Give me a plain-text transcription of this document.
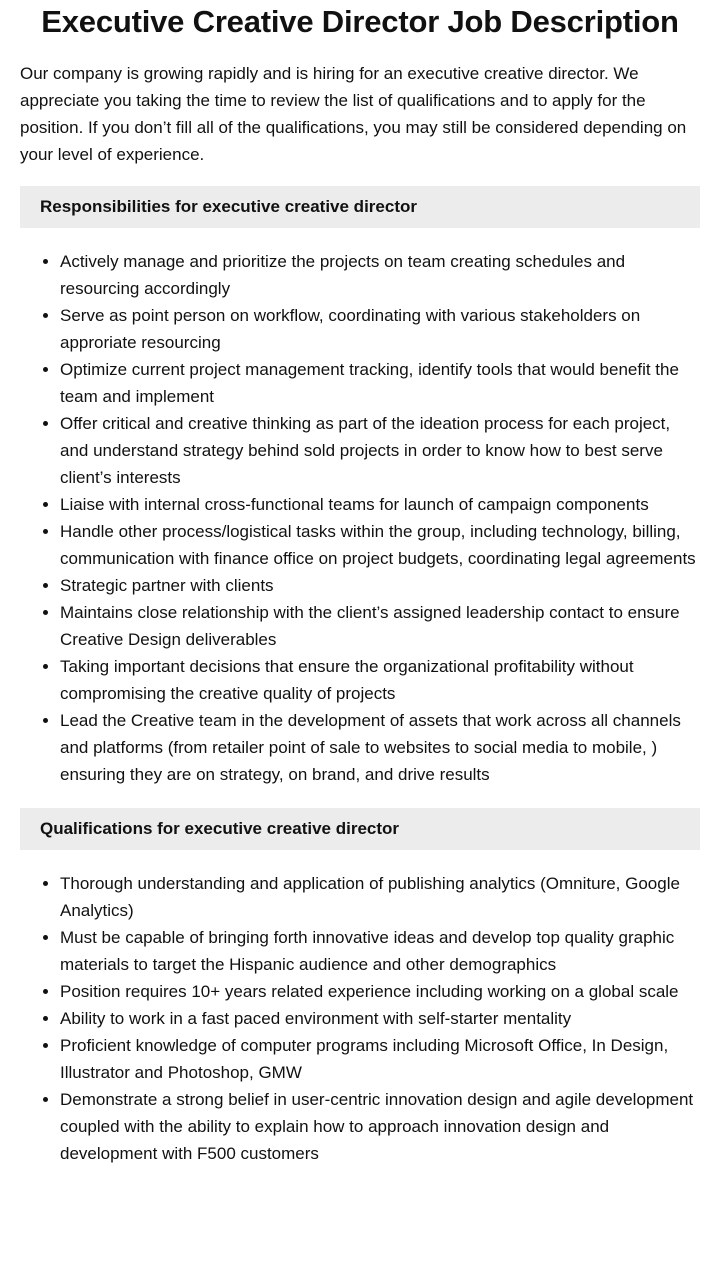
Executive Creative Director Job Description

Our company is growing rapidly and is hiring for an executive creative director. We appreciate you taking the time to review the list of qualifications and to apply for the position. If you don’t fill all of the qualifications, you may still be considered depending on your level of experience.

Responsibilities for executive creative director
• Actively manage and prioritize the projects on team creating schedules and resourcing accordingly
• Serve as point person on workflow, coordinating with various stakeholders on approriate resourcing
• Optimize current project management tracking, identify tools that would benefit the team and implement
• Offer critical and creative thinking as part of the ideation process for each project, and understand strategy behind sold projects in order to know how to best serve client’s interests
• Liaise with internal cross-functional teams for launch of campaign components
• Handle other process/logistical tasks within the group, including technology, billing, communication with finance office on project budgets, coordinating legal agreements
• Strategic partner with clients
• Maintains close relationship with the client’s assigned leadership contact to ensure Creative Design deliverables
• Taking important decisions that ensure the organizational profitability without compromising the creative quality of projects
• Lead the Creative team in the development of assets that work across all channels and platforms (from retailer point of sale to websites to social media to mobile, ) ensuring they are on strategy, on brand, and drive results
Qualifications for executive creative director
• Thorough understanding and application of publishing analytics (Omniture, Google Analytics)
• Must be capable of bringing forth innovative ideas and develop top quality graphic materials to target the Hispanic audience and other demographics
• Position requires 10+ years related experience including working on a global scale
• Ability to work in a fast paced environment with self-starter mentality
• Proficient knowledge of computer programs including Microsoft Office, In Design, Illustrator and Photoshop, GMW
• Demonstrate a strong belief in user-centric innovation design and agile development coupled with the ability to explain how to approach innovation design and development with F500 customers
